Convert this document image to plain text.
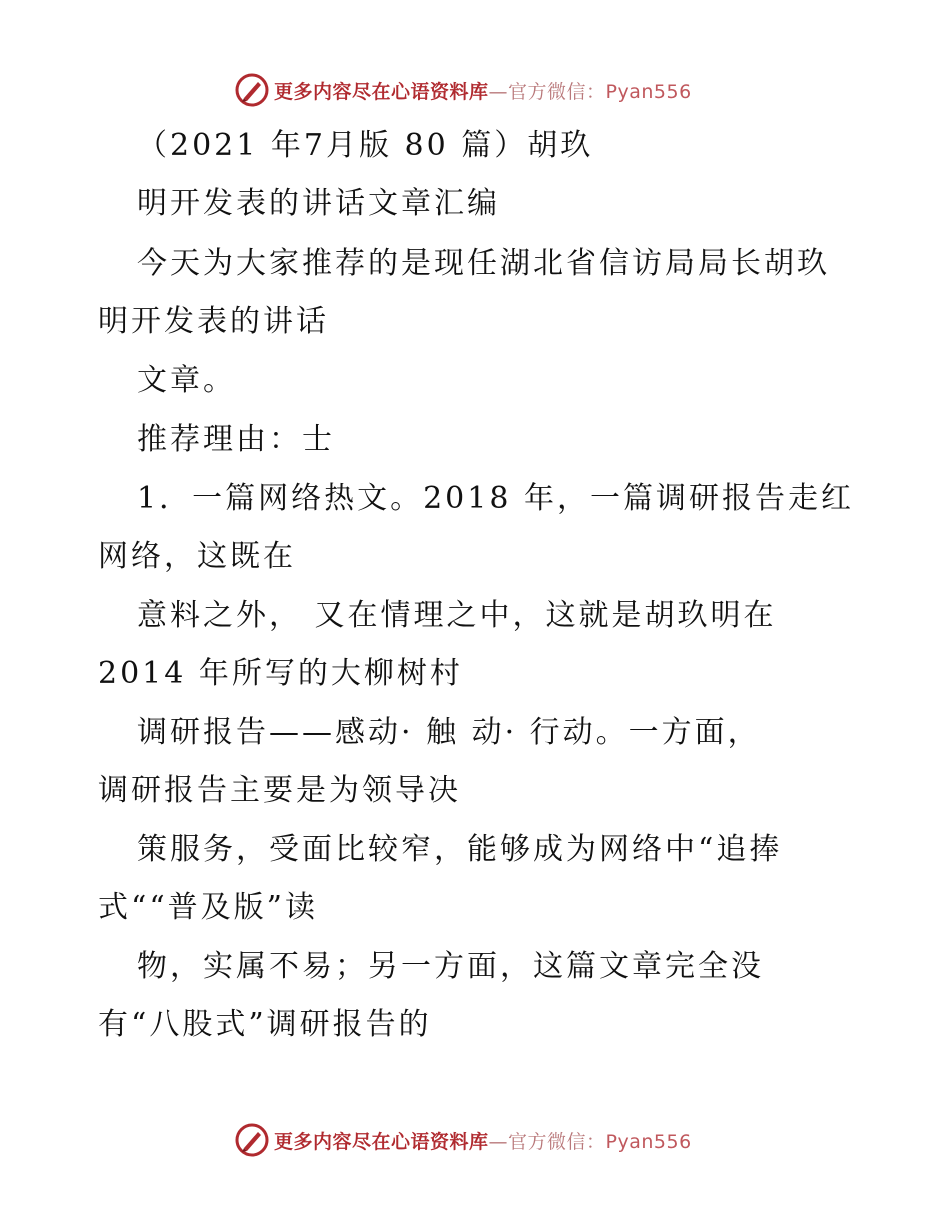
更多内容尽在心语资料库—官方微信：Pyan556
（2021 年7月版 80 篇）胡玖
明开发表的讲话文章汇编
今天为大家推荐的是现任湖北省信访局局长胡玖
明开发表的讲话
文章。
推荐理由：士
1．一篇网络热文。2018 年，一篇调研报告走红
网络，这既在
意料之外， 又在情理之中，这就是胡玖明在
2014 年所写的大柳树村
调研报告——感动· 触 动· 行动。一方面，
调研报告主要是为领导决
策服务，受面比较窄，能够成为网络中“追捧
式““普及版”读
物，实属不易；另一方面，这篇文章完全没
有“八股式”调研报告的
更多内容尽在心语资料库—官方微信：Pyan556
